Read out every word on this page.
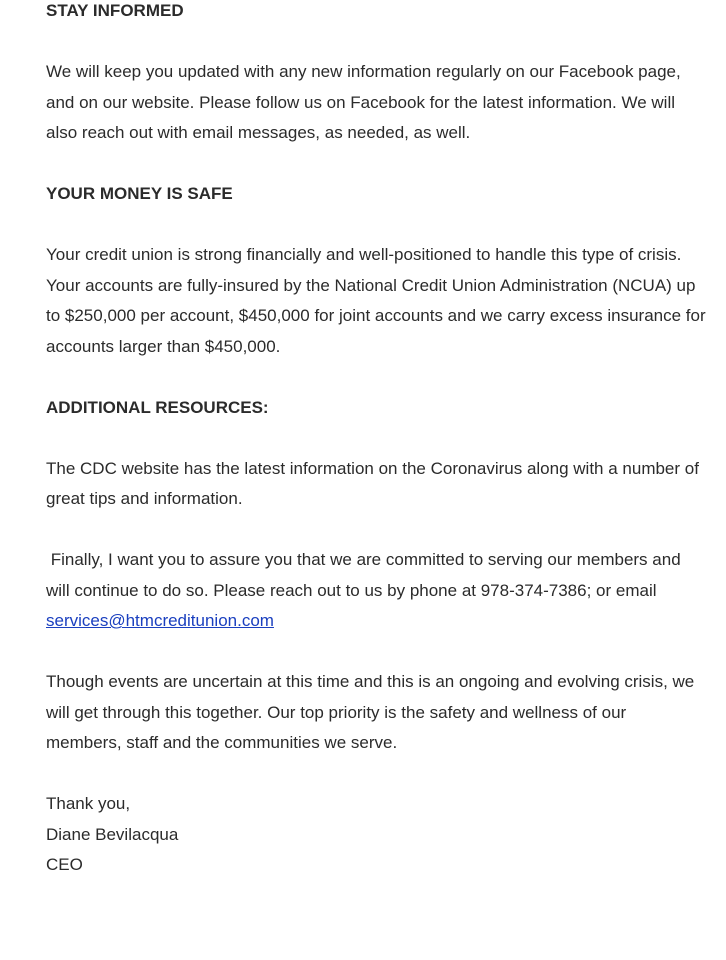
STAY INFORMED

We will keep you updated with any new information regularly on our Facebook page, and on our website. Please follow us on Facebook for the latest information. We will also reach out with email messages, as needed, as well.

YOUR MONEY IS SAFE

Your credit union is strong financially and well-positioned to handle this type of crisis. Your accounts are fully-insured by the National Credit Union Administration (NCUA) up to $250,000 per account, $450,000 for joint accounts and we carry excess insurance for accounts larger than $450,000.

ADDITIONAL RESOURCES:

The CDC website has the latest information on the Coronavirus along with a number of great tips and information.

Finally, I want you to assure you that we are committed to serving our members and will continue to do so. Please reach out to us by phone at 978-374-7386; or email services@htmcreditunion.com

Though events are uncertain at this time and this is an ongoing and evolving crisis, we will get through this together. Our top priority is the safety and wellness of our members, staff and the communities we serve.

Thank you,
Diane Bevilacqua
CEO
